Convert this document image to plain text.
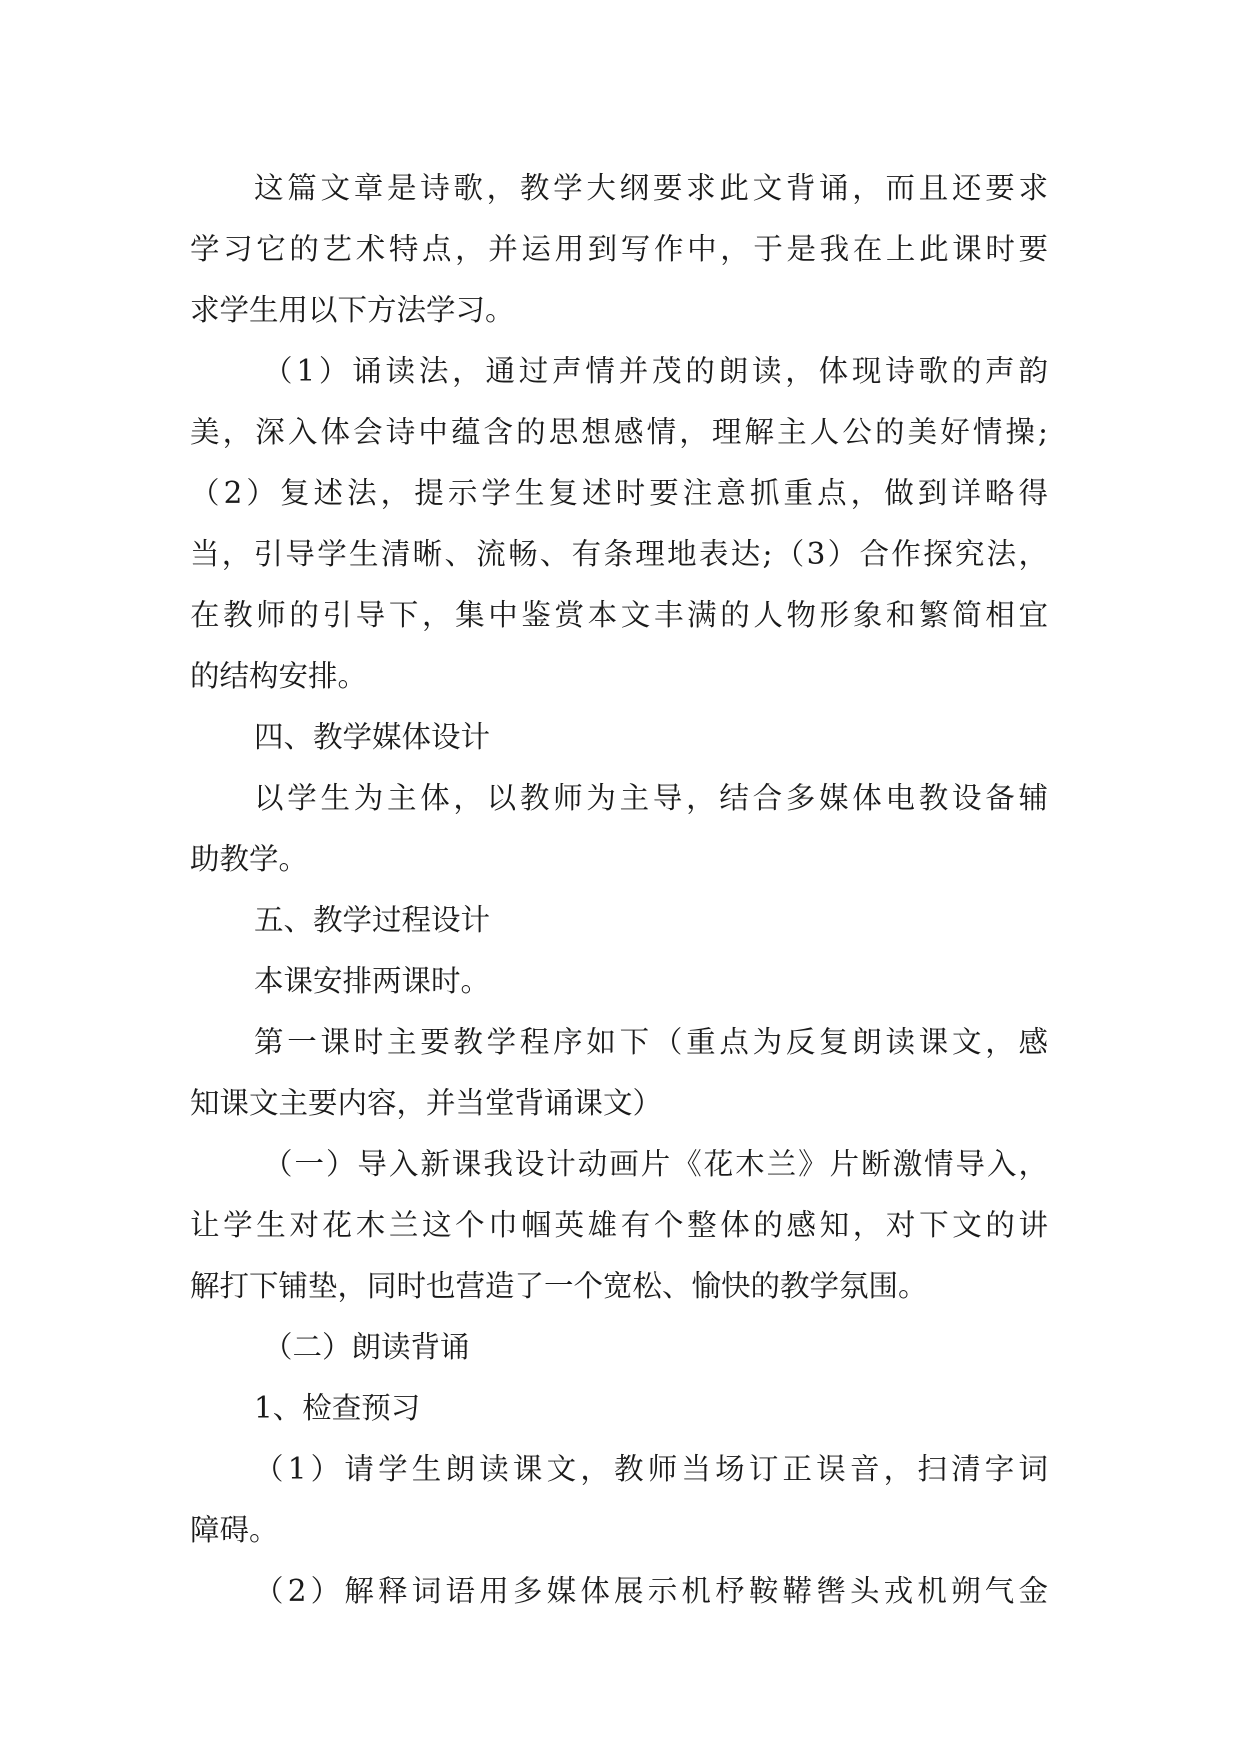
这篇文章是诗歌，教学大纲要求此文背诵，而且还要求
学习它的艺术特点，并运用到写作中，于是我在上此课时要
求学生用以下方法学习。
（1）诵读法，通过声情并茂的朗读，体现诗歌的声韵
美，深入体会诗中蕴含的思想感情，理解主人公的美好情操;
（2）复述法，提示学生复述时要注意抓重点，做到详略得
当，引导学生清晰、流畅、有条理地表达;（3）合作探究法，
在教师的引导下，集中鉴赏本文丰满的人物形象和繁简相宜
的结构安排。
四、教学媒体设计
以学生为主体，以教师为主导，结合多媒体电教设备辅
助教学。
五、教学过程设计
本课安排两课时。
第一课时主要教学程序如下（重点为反复朗读课文，感
知课文主要内容，并当堂背诵课文）
（一）导入新课我设计动画片《花木兰》片断激情导入，
让学生对花木兰这个巾帼英雄有个整体的感知，对下文的讲
解打下铺垫，同时也营造了一个宽松、愉快的教学氛围。
（二）朗读背诵
1、检查预习
（1）请学生朗读课文，教师当场订正误音，扫清字词
障碍。
（2）解释词语用多媒体展示机杼鞍鞯辔头戎机朔气金
